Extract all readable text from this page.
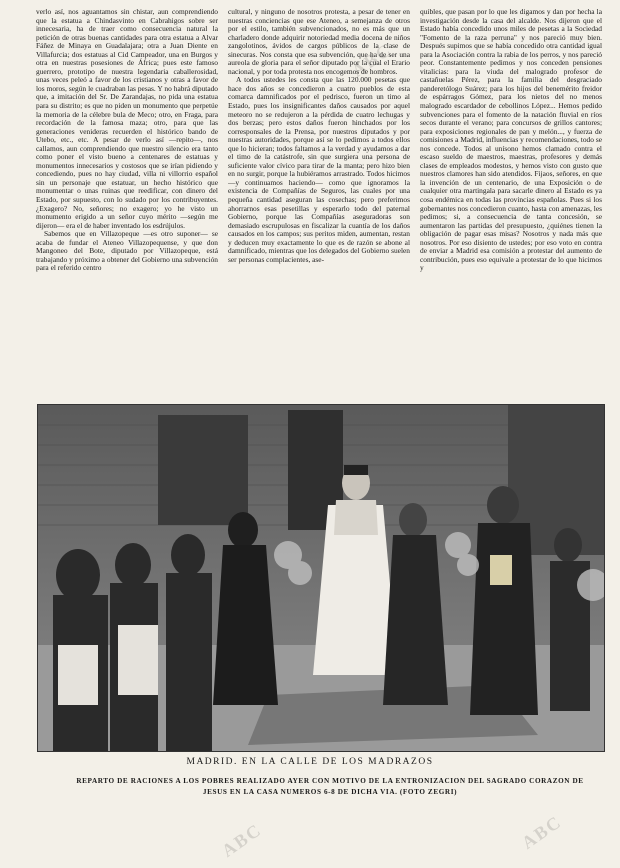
verlo así, nos aguantamos sin chistar, aun comprendiendo que la estatua a Chindasvinto en Cabrahigos sobre ser innecesaria, ha de traer como consecuencia natural la petición de otras buenas cantidades para otra estatua a Alvar Fáñez de Minaya en Guadalajara; otra a Juan Diente en Villafurcia; dos estatuas al Cid Campeador, una en Burgos y otra en nuestras posesiones de África; pues este famoso guerrero, prototipo de nuestra legendaria caballerosidad, unas veces peleó a favor de los cristianos y otras a favor de los moros, según le cuadraban las pesas. Y no habrá diputado que, a imitación del Sr. De Zarandajas, no pida una estatua para su distrito; es que no piden un monumento que perpetúe la memoria de la célebre bula de Meco; otro, en Fraga, para recordación de la famosa maza; otro, para que las generaciones venideras recuerden el histórico bando de Utebo, etc., etc. A pesar de verlo así —repito—, nos callamos, aun comprendiendo que nuestro silencio era tanto como poner el visto bueno a centenares de estatuas y monumentos innecesarios y costosos que se irían pidiendo y concediendo, pues no hay ciudad, villa ni villorrio español sin un personaje que estatuar, un hecho histórico que monumentar o unas ruinas que reedificar, con dinero del Estado, por supuesto, con lo sudado por los contribuyentes. ¿Exagero? No, señores; no exagero; yo he visto un monumento erigido a un señor cuyo mérito —según me dijeron— era el de haber inventado los esdrújulos.

Sabemos que en Villazopeque —es otro suponer— se acaba de fundar el Ateneo Villazopequense, y que don Mangoneo del Bote, diputado por Villazopeque, está trabajando y próximo a obtener del Gobierno una subvención para el referido centro

cultural, y ninguno de nosotros protesta, a pesar de tener en nuestras conciencias que ese Ateneo, a semejanza de otros por el estilo, también subvencionados, no es más que un charladero donde adquirir notoriedad media docena de niños zangolotinos, ávidos de cargos públicos de la clase de sinecuras. Nos consta que esa subvención, que ha de ser una aureola de gloria para el señor diputado por la cual el Erario nacional, y por toda protesta nos encogemos de hombros.

A todos ustedes les consta que las 120.000 pesetas que hace dos años se concedieron a cuatro pueblos de esta comarca damnificados por el pedrisco, fueron un timo al Estado, pues los insignificantes daños causados por aquel meteoro no se redujeron a la pérdida de cuatro lechugas y dos berzas; pero estos daños fueron hinchados por los corresponsales de la Prensa, por nuestros diputados y por nuestras autoridades, porque así se lo pedimos a todos ellos que lo hicieran; todos faltamos a la verdad y ayudamos a dar el timo de la catástrofe, sin que surgiera una persona de suficiente valor cívico para tirar de la manta; pero hizo bien en no surgir, porque la hubiéramos arrastrado. Todos hicimos —y continuamos haciendo— como que ignoramos la existencia de Compañías de Seguros, las cuales por una pequeña cantidad aseguran las cosechas; pero preferimos ahorrarnos esas pesetillas y esperarlo todo del paternal Gobierno, porque las Compañías aseguradoras son demasiado escrupulosas en fiscalizar la cuantía de los daños causados en los campos; sus peritos miden, aumentan, restan y deducen muy exactamente lo que es de razón se abone al damnificado, mientras que los delegados del Gobierno suelen ser personas complacientes, ase-

quibles, que pasan por lo que les digamos y dan por hecha la investigación desde la casa del alcalde. Nos dijeron que el Estado había concedido unos miles de pesetas a la Sociedad "Fomento de la raza perruna" y nos pareció muy bien. Después supimos que se había concedido otra cantidad igual para la Asociación contra la rabia de los perros, y nos pareció peor. Constantemente pedimos y nos conceden pensiones vitalicias: para la viuda del malogrado profesor de castañuelas Pérez, para la familia del desgraciado panderetólogo Suárez; para los hijos del benemérito freidor de espárragos Gómez, para los nietos del no menos malogrado escardador de cebollinos López... Hemos pedido subvenciones para el fomento de la natación fluvial en ríos secos durante el verano; para concursos de grillos cantores; para exposiciones regionales de pan y melón..., y fuerza de comisiones a Madrid, influencias y recomendaciones, todo se nos concede. Todos al unísono hemos clamado contra el escaso sueldo de maestros, maestras, profesores y demás clases de empleados modestos, y hemos visto con gusto que nuestros clamores han sido atendidos. Fijaos, señores, en que la invención de un centenario, de una Exposición o de cualquier otra martingala para sacarle dinero al Estado es ya cosa endémica en todas las provincias españolas. Pues si los gobernantes nos concedieron cuanto, hasta con amenazas, les pedimos; si, a consecuencia de tanta concesión, se aumentaron las partidas del presupuesto, ¿quiénes tienen la obligación de pagar esas misas? Nosotros y nada más que nosotros. Por eso disiento de ustedes; por eso voto en contra de enviar a Madrid esa comisión a protestar del aumento de contribución, pues eso equivale a protestar de lo que hicimos y

MADRID. EN LA CALLE DE LOS MADRAZOS
REPARTO DE RACIONES A LOS POBRES REALIZADO AYER CON MOTIVO DE LA ENTRONIZACION DEL SAGRADO CORAZON DE JESUS EN LA CASA NUMEROS 6-8 DE DICHA VIA. (FOTO ZEGRI)
ABC
ABC	ABC
